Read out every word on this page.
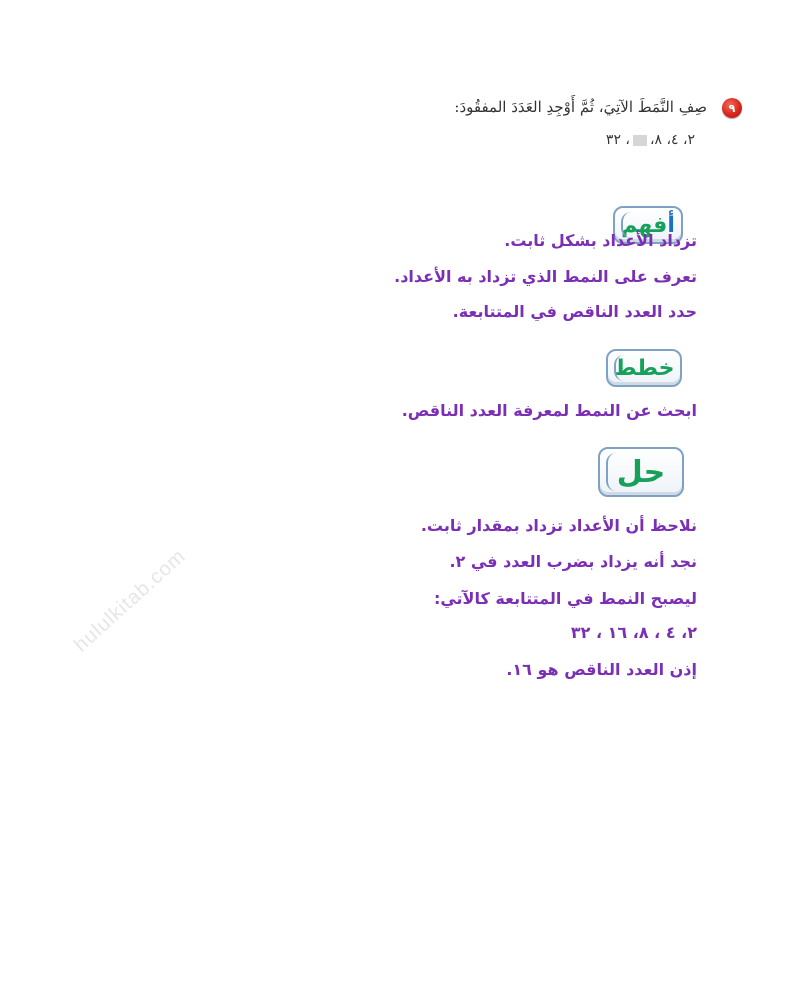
٩
صِفِ النَّمَطَ الآتِيَ، ثُمَّ أَوْجِدِ العَدَدَ المفقُودَ:
٢، ٤، ٨،، ٣٢
أفهم
تزداد الأعداد بشكل ثابت.
تعرف على النمط الذي تزداد به الأعداد.
حدد العدد الناقص في المتتابعة.
خطط
ابحث عن النمط لمعرفة العدد الناقص.
حل
نلاحظ أن الأعداد تزداد بمقدار ثابت.
نجد أنه يزداد بضرب العدد في ٢.
ليصبح النمط في المتتابعة كالآتي:
٢، ٤ ، ٨، ١٦ ، ٣٢
إذن العدد الناقص هو ١٦.
hululkitab.com
